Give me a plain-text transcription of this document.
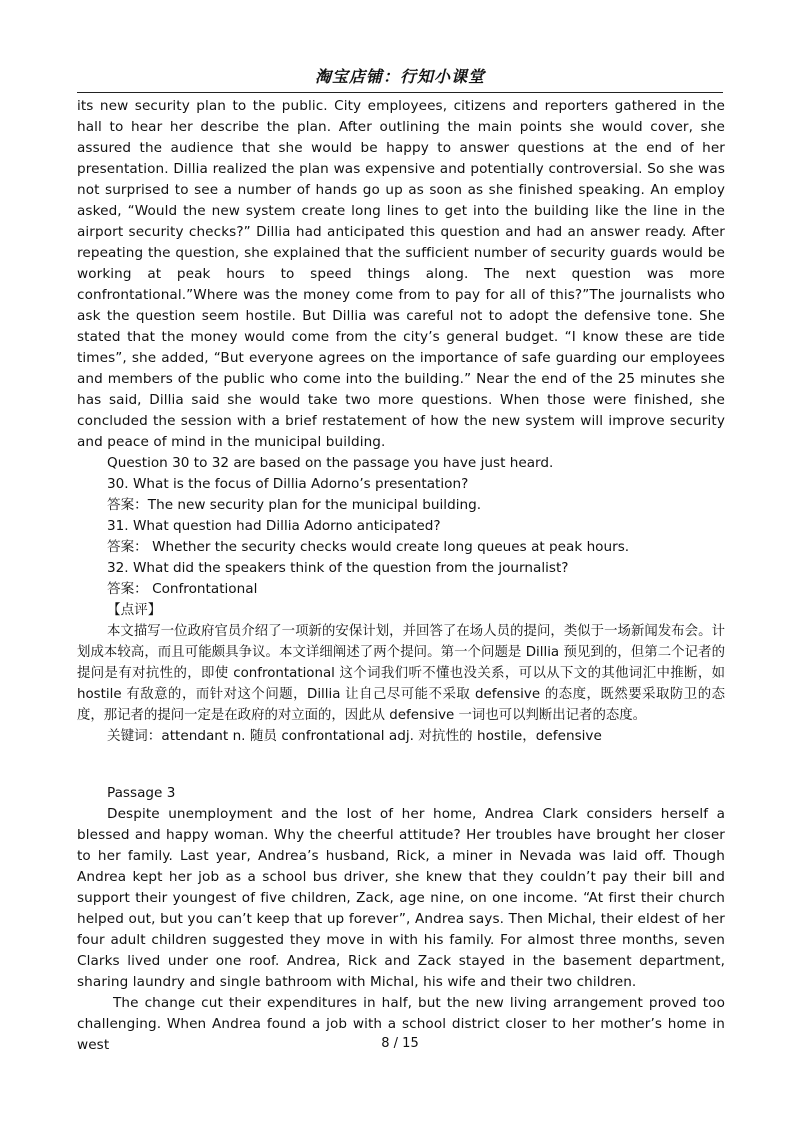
淘宝店铺：行知小课堂

its new security plan to the public. City employees, citizens and reporters gathered in the hall to hear her describe the plan. After outlining the main points she would cover, she assured the audience that she would be happy to answer questions at the end of her presentation. Dillia realized the plan was expensive and potentially controversial. So she was not surprised to see a number of hands go up as soon as she finished speaking. An employ asked, “Would the new system create long lines to get into the building like the line in the airport security checks?” Dillia had anticipated this question and had an answer ready. After repeating the question, she explained that the sufficient number of security guards would be working at peak hours to speed things along. The next question was more confrontational.”Where was the money come from to pay for all of this?”The journalists who ask the question seem hostile. But Dillia was careful not to adopt the defensive tone. She stated that the money would come from the city’s general budget. “I know these are tide times”, she added, “But everyone agrees on the importance of safe guarding our employees and members of the public who come into the building.” Near the end of the 25 minutes she has said, Dillia said she would take two more questions. When those were finished, she concluded the session with a brief restatement of how the new system will improve security and peace of mind in the municipal building.

Question 30 to 32 are based on the passage you have just heard.

30. What is the focus of Dillia Adorno’s presentation?

答案：The new security plan for the municipal building.

31. What question had Dillia Adorno anticipated?

答案： Whether the security checks would create long queues at peak hours.

32. What did the speakers think of the question from the journalist?

答案： Confrontational

【点评】

本文描写一位政府官员介绍了一项新的安保计划，并回答了在场人员的提问，类似于一场新闻发布会。计划成本较高，而且可能颇具争议。本文详细阐述了两个提问。第一个问题是 Dillia 预见到的，但第二个记者的提问是有对抗性的，即使 confrontational 这个词我们听不懂也没关系，可以从下文的其他词汇中推断，如 hostile 有敌意的，而针对这个问题，Dillia 让自己尽可能不采取 defensive 的态度，既然要采取防卫的态度，那记者的提问一定是在政府的对立面的，因此从 defensive 一词也可以判断出记者的态度。

关键词：attendant n. 随员 confrontational adj. 对抗性的 hostile，defensive

Passage 3

Despite unemployment and the lost of her home, Andrea Clark considers herself a blessed and happy woman. Why the cheerful attitude? Her troubles have brought her closer to her family. Last year, Andrea’s husband, Rick, a miner in Nevada was laid off. Though Andrea kept her job as a school bus driver, she knew that they couldn’t pay their bill and support their youngest of five children, Zack, age nine, on one income. “At first their church helped out, but you can’t keep that up forever”, Andrea says. Then Michal, their eldest of her four adult children suggested they move in with his family. For almost three months, seven Clarks lived under one roof. Andrea, Rick and Zack stayed in the basement department, sharing laundry and single bathroom with Michal, his wife and their two children.

The change cut their expenditures in half, but the new living arrangement proved too challenging. When Andrea found a job with a school district closer to her mother’s home in west	8 / 15
